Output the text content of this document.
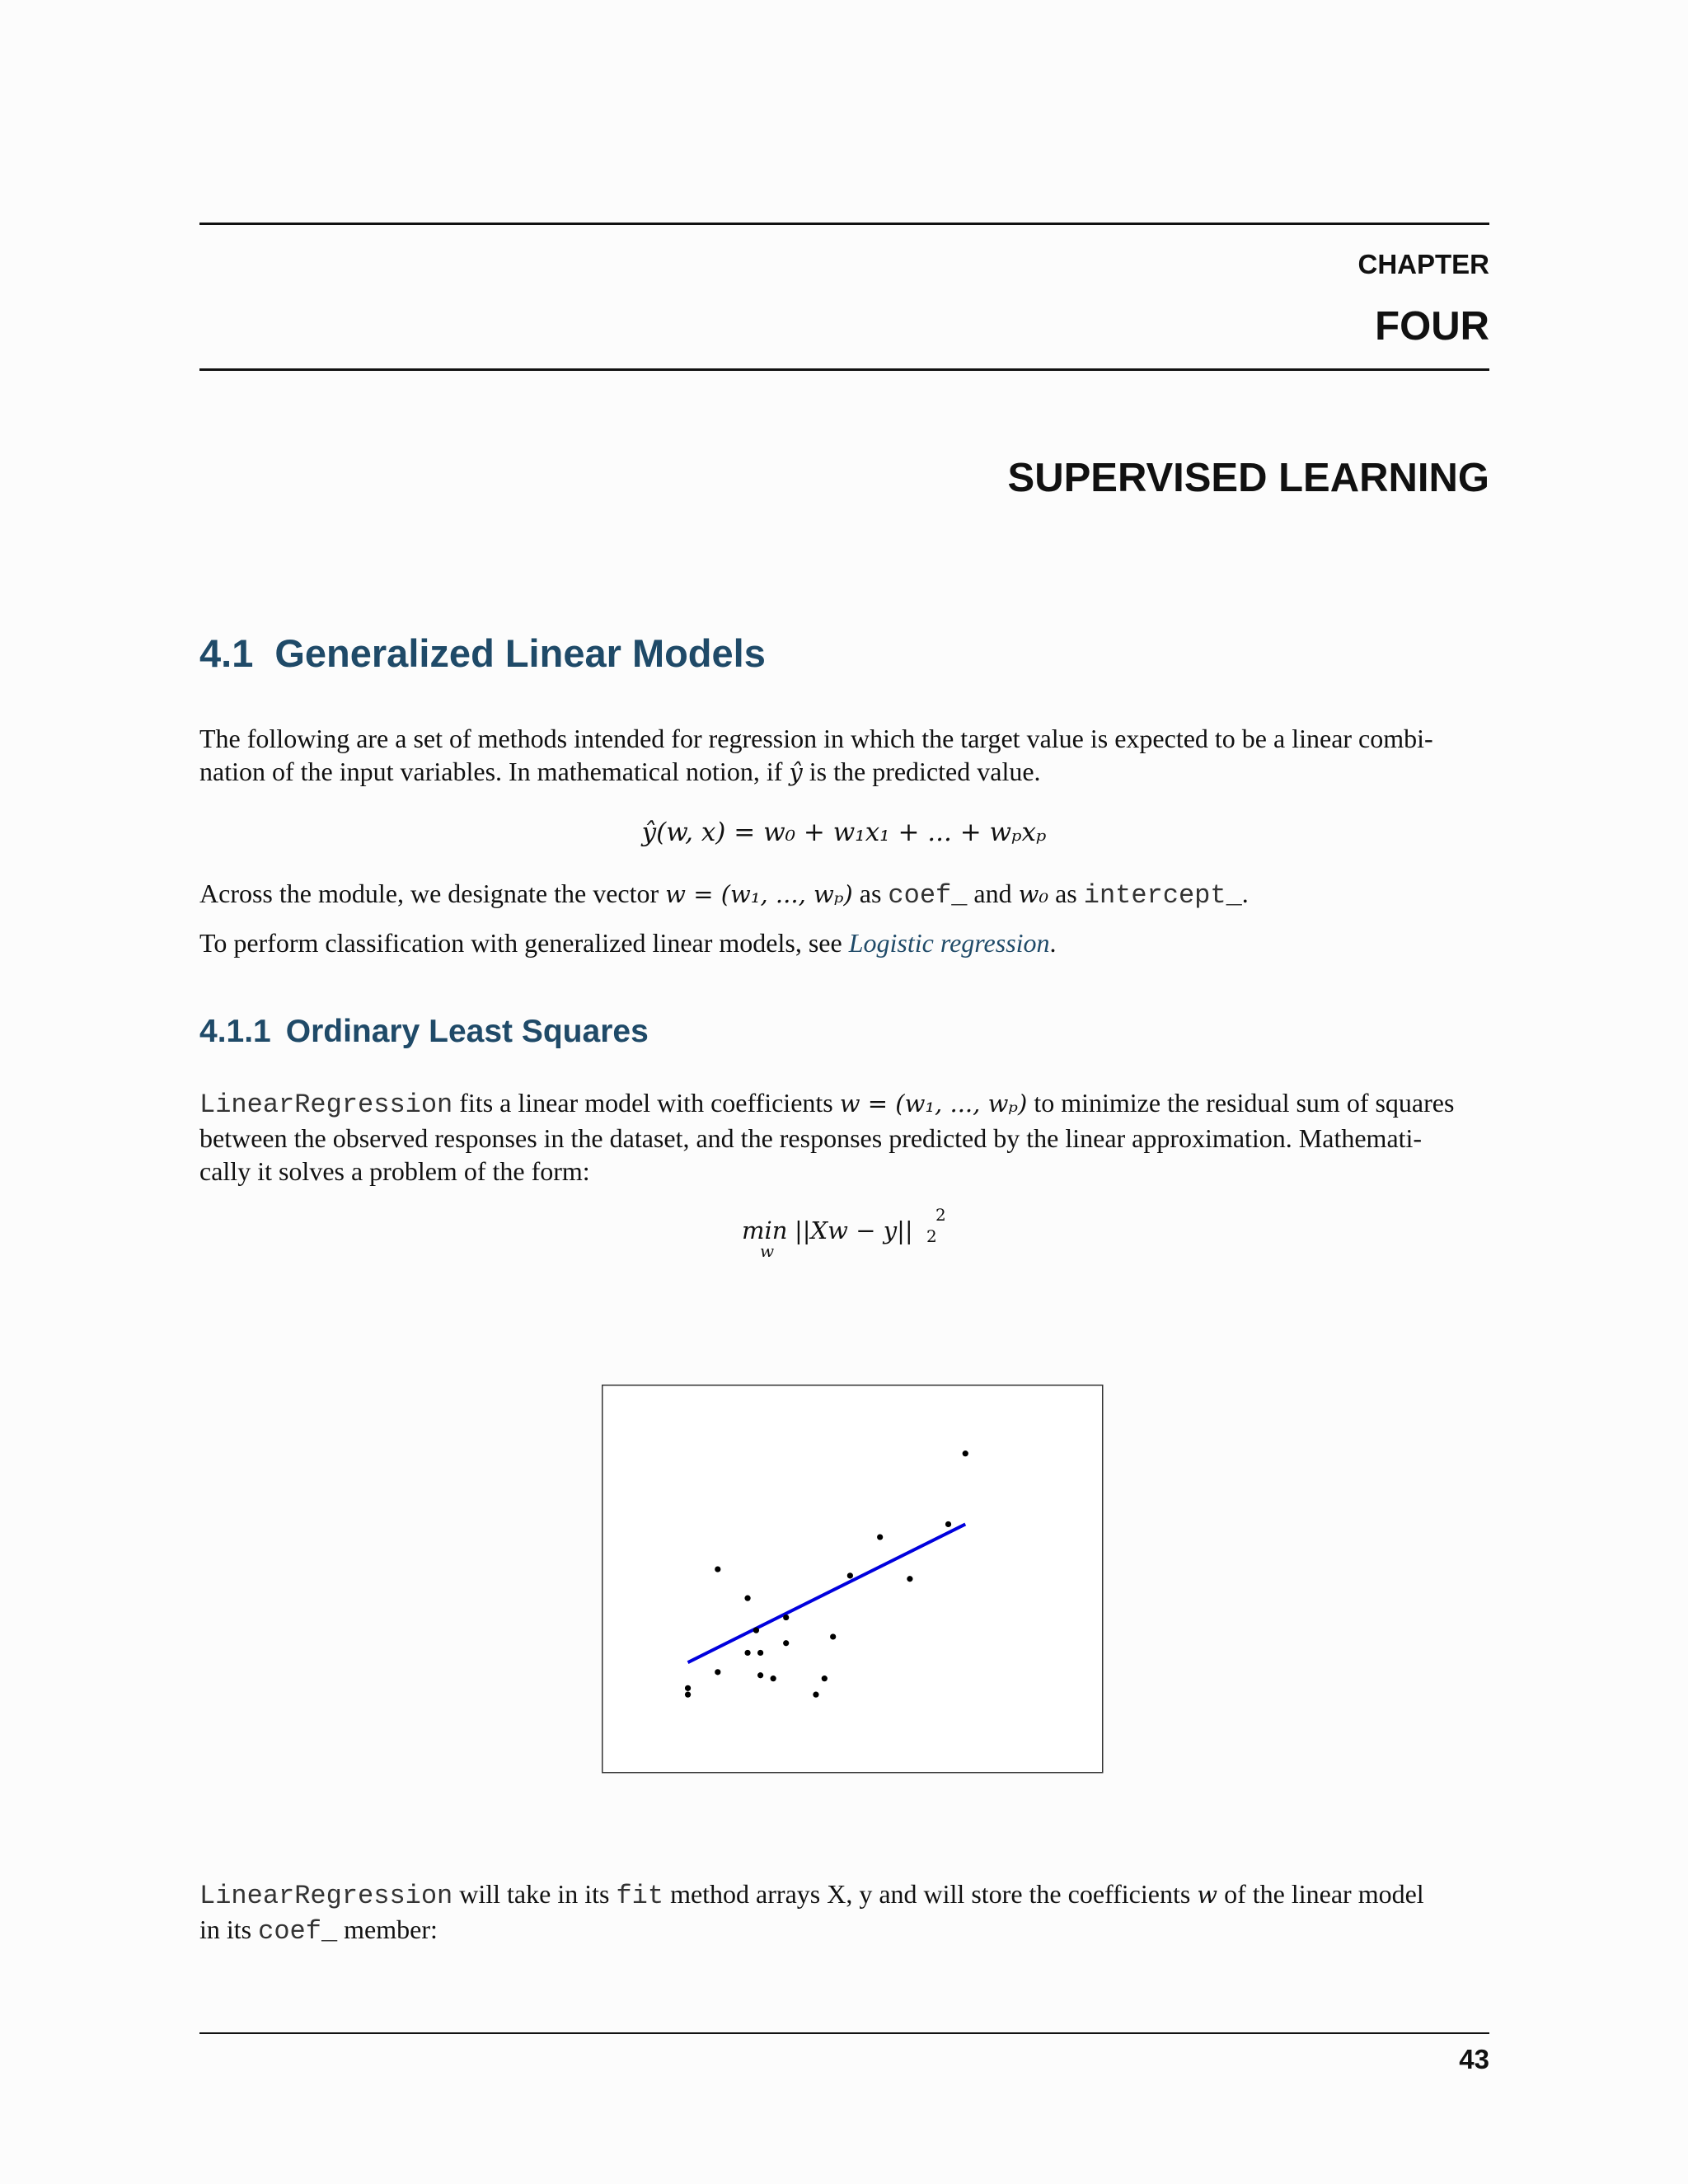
CHAPTER
FOUR
SUPERVISED LEARNING
4.1 Generalized Linear Models
The following are a set of methods intended for regression in which the target value is expected to be a linear combi-
nation of the input variables. In mathematical notion, if ŷ is the predicted value.
ŷ(w, x) = w₀ + w₁x₁ + ... + wₚxₚ
Across the module, we designate the vector w = (w₁, ..., wₚ) as coef_ and w₀ as intercept_.
To perform classification with generalized linear models, see Logistic regression.
4.1.1 Ordinary Least Squares
LinearRegression fits a linear model with coefficients w = (w₁, ..., wₚ) to minimize the residual sum of squares
between the observed responses in the dataset, and the responses predicted by the linear approximation. Mathemati-
cally it solves a problem of the form:
min
w
||Xw − y|| 2
2
LinearRegression will take in its fit method arrays X, y and will store the coefficients w of the linear model
in its coef_ member:
43
